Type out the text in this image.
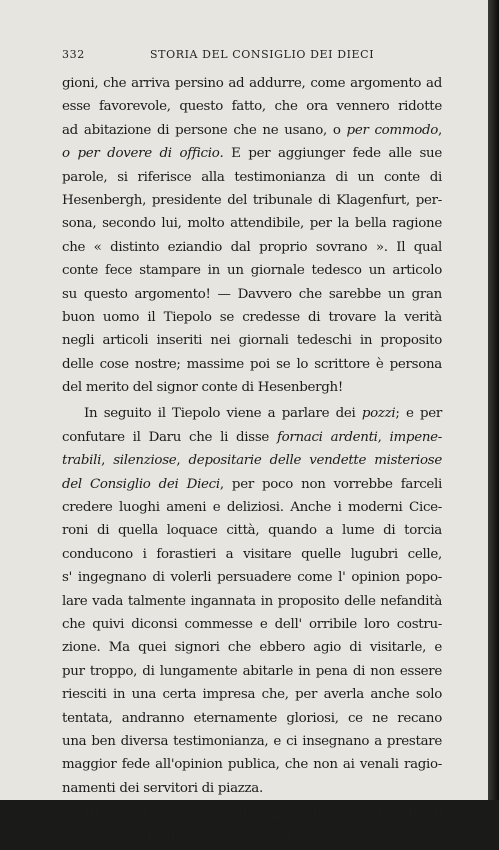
332	STORIA DEL CONSIGLIO DEI DIECI
gioni, che arriva persino ad addurre, come argomento ad
esse favorevole, questo fatto, che ora vennero ridotte
ad abitazione di persone che ne usano, o per commodo,
o per dovere di officio. E per aggiunger fede alle sue
parole, si riferisce alla testimonianza di un conte di
Hesenbergh, presidente del tribunale di Klagenfurt, per-
sona, secondo lui, molto attendibile, per la bella ragione
che « distinto eziandio dal proprio sovrano ». Il qual
conte fece stampare in un giornale tedesco un articolo
su questo argomento! — Davvero che sarebbe un gran
buon uomo il Tiepolo se credesse di trovare la verità
negli articoli inseriti nei giornali tedeschi in proposito
delle cose nostre; massime poi se lo scrittore è persona
del merito del signor conte di Hesenbergh!
In seguito il Tiepolo viene a parlare dei pozzi; e per
confutare il Daru che li disse fornaci ardenti, impene-
trabili, silenziose, depositarie delle vendette misteriose
del Consiglio dei Dieci, per poco non vorrebbe farceli
credere luoghi ameni e deliziosi. Anche i moderni Cice-
roni di quella loquace città, quando a lume di torcia
conducono i forastieri a visitare quelle lugubri celle,
s' ingegnano di volerli persuadere come l' opinion popo-
lare vada talmente ingannata in proposito delle nefandità
che quivi diconsi commesse e dell' orribile loro costru-
zione. Ma quei signori che ebbero agio di visitarle, e
pur troppo, di lungamente abitarle in pena di non essere
riesciti in una certa impresa che, per averla anche solo
tentata, andranno eternamente gloriosi, ce ne recano
una ben diversa testimonianza, e ci insegnano a prestare
maggior fede all'opinion publica, che non ai venali ragio-
namenti dei servitori di piazza.
Dice il Daru che questi pozzi erano scavati sotto il
canale, dove la luce ed il calore non avevano mai pene-
